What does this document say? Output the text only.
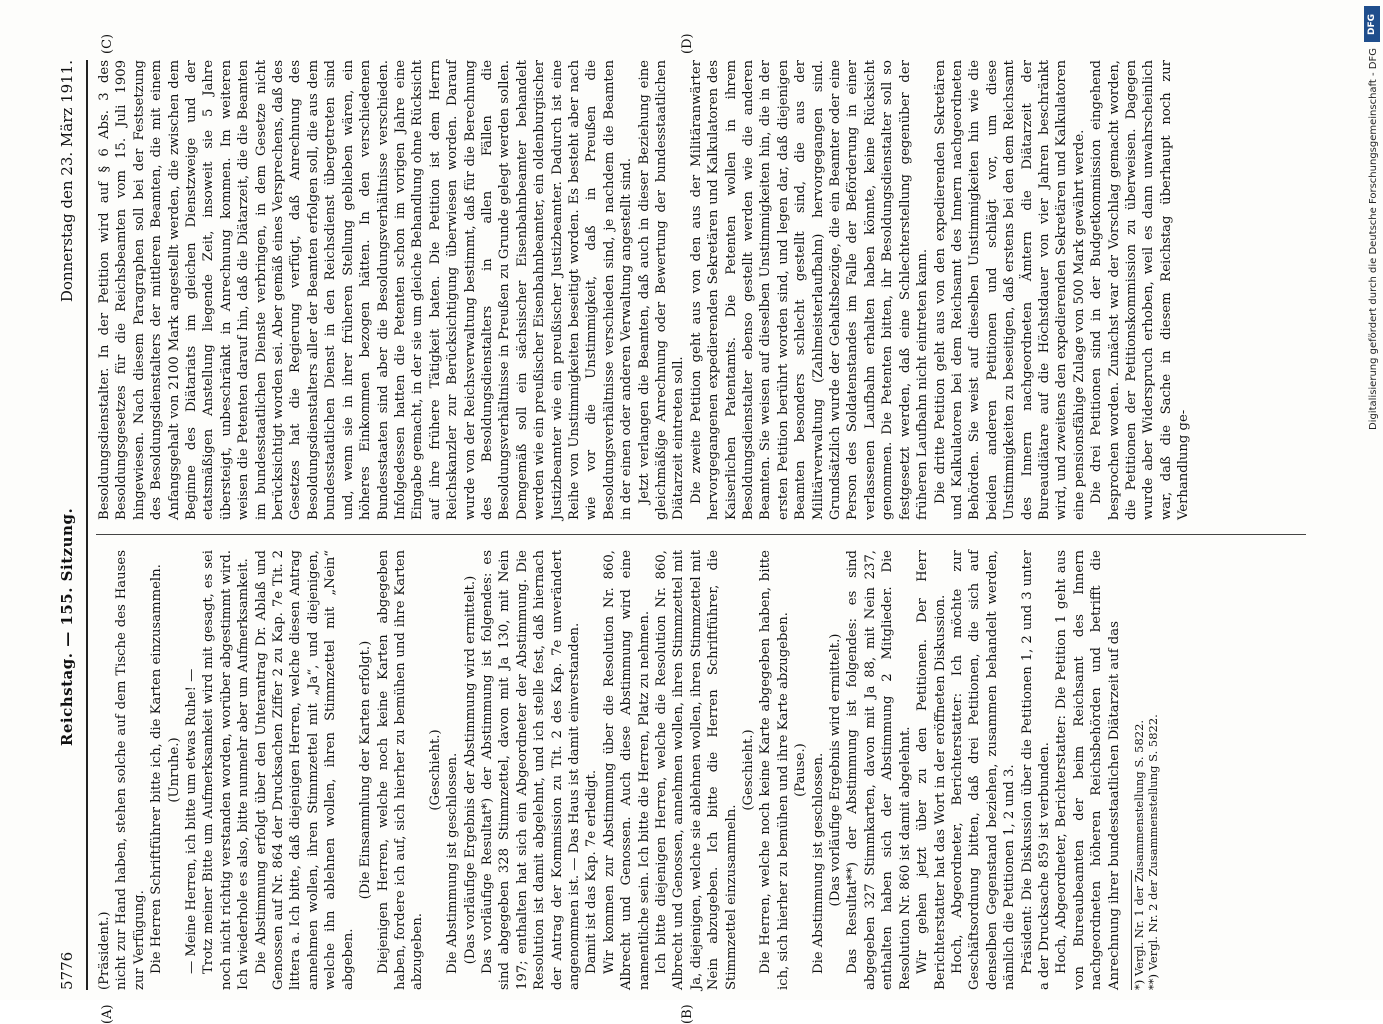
5776
Reichstag. — 155. Sitzung.
Donnerstag den 23. März 1911.
(A)	(B)
(C)	(D)

(Präsident.) nicht zur Hand haben, stehen solche auf dem Tische des Hauses zur Verfügung. Die Herren Schriftführer bitte ich, die Karten einzusammeln. (Unruhe.) — Meine Herren, ich bitte um etwas Ruhe! — Trotz meiner Bitte um Aufmerksamkeit wird mit gesagt, es sei noch nicht richtig verstanden worden, worüber abgestimmt wird. Ich wiederhole es also, bitte nunmehr aber um Aufmerksamkeit. Die Abstimmung erfolgt über den Unterantrag Dr. Ablaß und Genossen auf Nr. 864 der Drucksachen Ziffer 2 zu Kap. 7e Tit. 2 littera a. Ich bitte, daß diejenigen Herren, welche diesen Antrag annehmen wollen, ihren Stimmzettel mit „Ja“, und diejenigen, welche ihn ablehnen wollen, ihren Stimmzettel mit „Nein“ abgeben.

(Die Einsammlung der Karten erfolgt.) Diejenigen Herren, welche noch keine Karten abgegeben haben, fordere ich auf, sich hierher zu bemühen und ihre Karten abzugeben.

(Geschieht.) Die Abstimmung ist geschlossen. (Das vorläufige Ergebnis der Abstimmung wird ermittelt.) Das vorläufige Resultat*) der Abstimmung ist folgendes: es sind abgegeben 328 Stimmzettel, davon mit Ja 130, mit Nein 197; enthalten hat sich ein Abgeordneter der Abstimmung. Die Resolution ist damit abgelehnt, und ich stelle fest, daß hiernach der Antrag der Kommission zu Tit. 2 des Kap. 7e unverändert angenommen ist. — Das Haus ist damit einverstanden. Damit ist das Kap. 7e erledigt. Wir kommen zur Abstimmung über die Resolution Nr. 860, Albrecht und Genossen. Auch diese Abstimmung wird eine namentliche sein. Ich bitte die Herren, Platz zu nehmen. Ich bitte diejenigen Herren, welche die Resolution Nr. 860, Albrecht und Genossen, annehmen wollen, ihren Stimmzettel mit Ja, diejenigen, welche sie ablehnen wollen, ihren Stimmzettel mit Nein abzugeben. Ich bitte die Herren Schriftführer, die Stimmzettel einzusammeln.

(Geschieht.) Die Herren, welche noch keine Karte abgegeben haben, bitte ich, sich hierher zu bemühen und ihre Karte abzugeben. (Pause.) Die Abstimmung ist geschlossen. (Das vorläufige Ergebnis wird ermittelt.) Das Resultat**) der Abstimmung ist folgendes: es sind abgegeben 327 Stimmkarten, davon mit Ja 88, mit Nein 237, enthalten haben sich der Abstimmung 2 Mitglieder. Die Resolution Nr. 860 ist damit abgelehnt. Wir gehen jetzt über zu den Petitionen. Der Herr Berichterstatter hat das Wort in der eröffneten Diskussion. Hoch, Abgeordneter, Berichterstatter: Ich möchte zur Geschäftsordnung bitten, daß drei Petitionen, die sich auf denselben Gegenstand beziehen, zusammen behandelt werden, nämlich die Petitionen 1, 2 und 3. Präsident: Die Diskussion über die Petitionen 1, 2 und 3 unter a der Drucksache 859 ist verbunden. Hoch, Abgeordneter, Berichterstatter: Die Petition 1 geht aus von Bureaubeamten der beim Reichsamt des Innern nachgeordneten höheren Reichsbehörden und betrifft die Anrechnung ihrer bundesstaatlichen Diätarzeit auf das *) Vergl. Nr. 1 der Zusammenstellung S. 5822. **) Vergl. Nr. 2 der Zusammenstellung S. 5822.

Besoldungsdienstalter. In der Petition wird auf § 6 Abs. 3 des Besoldungsgesetzes für die Reichsbeamten vom 15. Juli 1909 hingewiesen. Nach diesem Paragraphen soll bei der Festsetzung des Besoldungsdienstalters der mittleren Beamten, die mit einem Anfangsgehalt von 2100 Mark angestellt werden, die zwischen dem Beginne des Diätariats im gleichen Dienstzweige und der etatsmäßigen Anstellung liegende Zeit, insoweit sie 5 Jahre übersteigt, unbeschränkt in Anrechnung kommen. Im weiteren weisen die Petenten darauf hin, daß die Diätarzeit, die die Beamten im bundesstaatlichen Dienste verbringen, in dem Gesetze nicht berücksichtigt worden sei. Aber gemäß eines Versprechens, daß des Gesetzes hat die Regierung verfügt, daß Anrechnung des Besoldungsdienstalters aller der Beamten erfolgen soll, die aus dem bundesstaatlichen Dienst in den Reichsdienst übergetreten sind und, wenn sie in ihrer früheren Stellung geblieben wären, ein höheres Einkommen bezogen hätten. In den verschiedenen Bundesstaaten sind aber die Besoldungsverhältnisse verschieden. Infolgedessen hatten die Petenten schon im vorigen Jahre eine Eingabe gemacht, in der sie um gleiche Behandlung ohne Rücksicht auf ihre frühere Tätigkeit baten. Die Petition ist dem Herrn Reichskanzler zur Berücksichtigung überwiesen worden. Darauf wurde von der Reichsverwaltung bestimmt, daß für die Berechnung des Besoldungsdienstalters in allen Fällen die Besoldungsverhältnisse in Preußen zu Grunde gelegt werden sollen. Demgemäß soll ein sächsischer Eisenbahnbeamter behandelt werden wie ein preußischer Eisenbahnbeamter, ein oldenburgischer Justizbeamter wie ein preußischer Justizbeamter. Dadurch ist eine Reihe von Unstimmigkeiten beseitigt worden. Es besteht aber nach wie vor die Unstimmigkeit, daß in Preußen die Besoldungsverhältnisse verschieden sind, je nachdem die Beamten in der einen oder anderen Verwaltung angestellt sind. Jetzt verlangen die Beamten, daß auch in dieser Beziehung eine gleichmäßige Anrechnung oder Bewertung der bundesstaatlichen Diätarzeit eintreten soll. Die zweite Petition geht aus von den aus der Militäranwärter hervorgegangenen expedierenden Sekretären und Kalkulatoren des Kaiserlichen Patentamts. Die Petenten wollen in ihrem Besoldungsdienstalter ebenso gestellt werden wie die anderen Beamten. Sie weisen auf dieselben Unstimmigkeiten hin, die in der ersten Petition berührt worden sind, und legen dar, daß diejenigen Beamten besonders schlecht gestellt sind, die aus der Militärverwaltung (Zahlmeisterlaufbahn) hervorgegangen sind. Grundsätzlich wurde der Gehaltsbezüge, die ein Beamter oder eine Person des Soldatenstandes im Falle der Beförderung in einer verlassenen Laufbahn erhalten haben könnte, keine Rücksicht genommen. Die Petenten bitten, ihr Besoldungsdienstalter soll so festgesetzt werden, daß eine Schlechterstellung gegenüber der früheren Laufbahn nicht eintreten kann. Die dritte Petition geht aus von den expedierenden Sekretären und Kalkulatoren bei dem Reichsamt des Innern nachgeordneten Behörden. Sie weist auf dieselben Unstimmigkeiten hin wie die beiden anderen Petitionen und schlägt vor, um diese Unstimmigkeiten zu beseitigen, daß erstens bei den dem Reichsamt des Innern nachgeordneten Ämtern die Diätarzeit der Bureaudiätare auf die Höchstdauer von vier Jahren beschränkt wird, und zweitens den expedierenden Sekretären und Kalkulatoren eine pensionsfähige Zulage von 500 Mark gewährt werde. Die drei Petitionen sind in der Budgetkommission eingehend besprochen worden. Zunächst war der Vorschlag gemacht worden, die Petitionen der Petitionskommission zu überweisen. Dagegen wurde aber Widerspruch erhoben, weil es dann unwahrscheinlich war, daß die Sache in diesem Reichstag überhaupt noch zur Verhandlung ge-

DFG
Digitalisierung gefördert durch die Deutsche Forschungsgemeinschaft - DFG
